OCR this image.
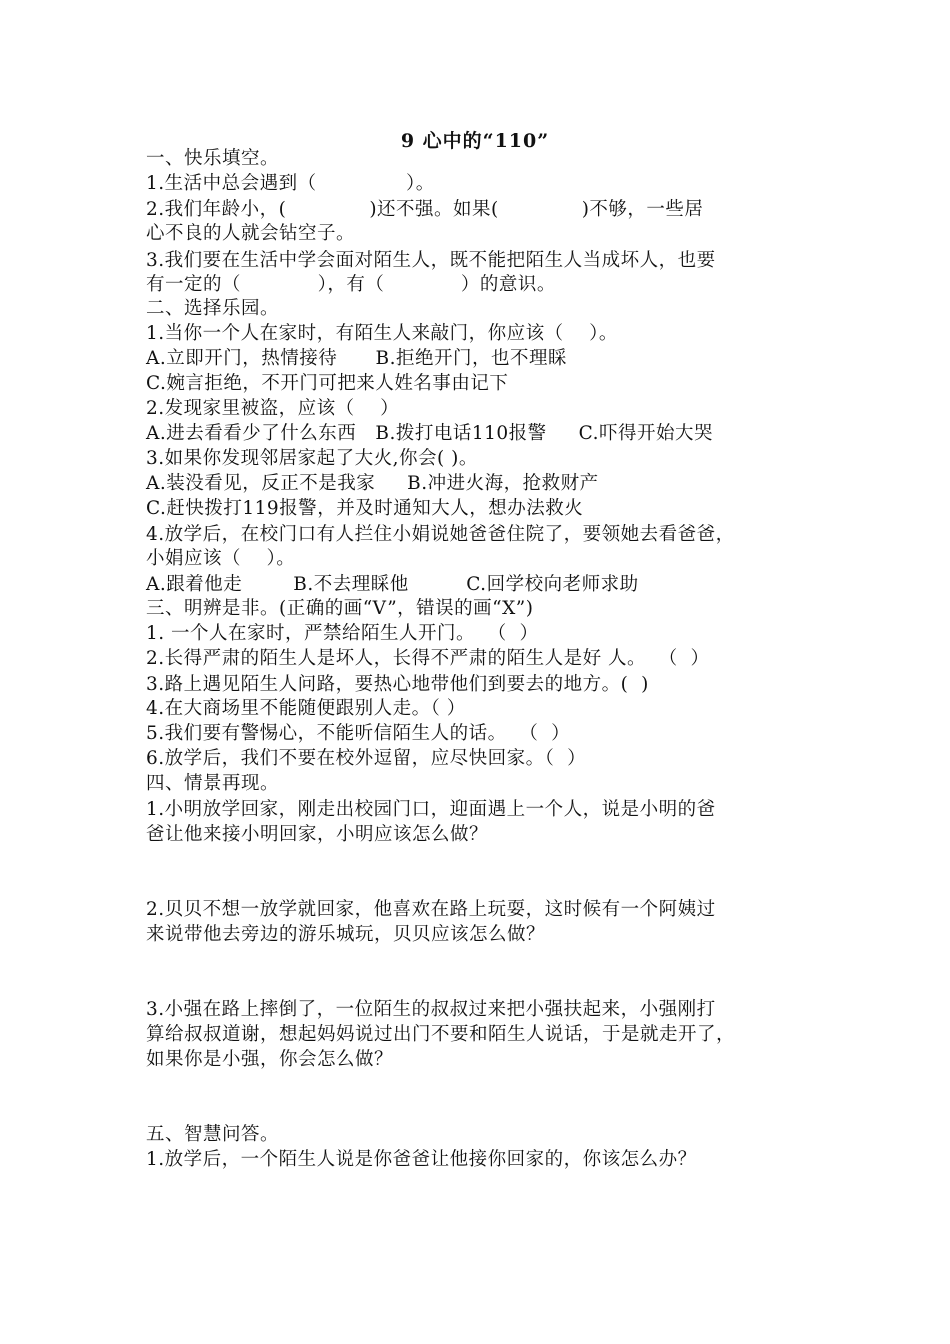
9 心中的“110”
一、快乐填空。
1.生活中总会遇到（              ）。
2.我们年龄小，(             )还不强。如果(             )不够，一些居
心不良的人就会钻空子。
3.我们要在生活中学会面对陌生人，既不能把陌生人当成坏人，也要
有一定的（            ），有（            ）的意识。
二、选择乐园。
1.当你一个人在家时，有陌生人来敲门，你应该（    ）。
A.立即开门，热情接待      B.拒绝开门，也不理睬
C.婉言拒绝，不开门可把来人姓名事由记下
2.发现家里被盗，应该（    ）
A.进去看看少了什么东西   B.拨打电话110报警     C.吓得开始大哭
3.如果你发现邻居家起了大火,你会( )。
A.装没看见，反正不是我家     B.冲进火海，抢救财产
C.赶快拨打119报警，并及时通知大人，想办法救火
4.放学后，在校门口有人拦住小娟说她爸爸住院了，要领她去看爸爸，
小娟应该（    ）。
A.跟着他走        B.不去理睬他         C.回学校向老师求助
三、明辨是非。(正确的画“V”，错误的画“X”)
1. 一个人在家时，严禁给陌生人开门。  （  ）
2.长得严肃的陌生人是坏人，长得不严肃的陌生人是好 人。  （  ）
3.路上遇见陌生人问路，要热心地带他们到要去的地方。(  )
4.在大商场里不能随便跟别人走。（ ）
5.我们要有警惕心，不能听信陌生人的话。  （  ）
6.放学后，我们不要在校外逗留，应尽快回家。（  ）
四、情景再现。
1.小明放学回家，刚走出校园门口，迎面遇上一个人，说是小明的爸
爸让他来接小明回家，小明应该怎么做？
2.贝贝不想一放学就回家，他喜欢在路上玩耍，这时候有一个阿姨过
来说带他去旁边的游乐城玩，贝贝应该怎么做？
3.小强在路上摔倒了，一位陌生的叔叔过来把小强扶起来，小强刚打
算给叔叔道谢，想起妈妈说过出门不要和陌生人说话，于是就走开了，
如果你是小强，你会怎么做？
五、智慧问答。
1.放学后，一个陌生人说是你爸爸让他接你回家的，你该怎么办？
